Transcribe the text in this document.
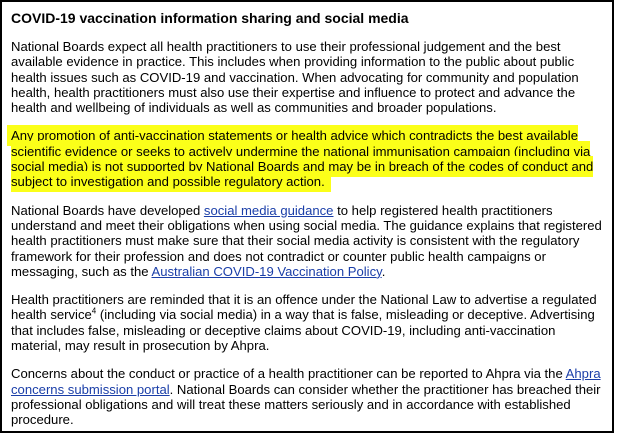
COVID-19 vaccination information sharing and social media

National Boards expect all health practitioners to use their professional judgement and the best available evidence in practice. This includes when providing information to the public about public health issues such as COVID-19 and vaccination. When advocating for community and population health, health practitioners must also use their expertise and influence to protect and advance the health and wellbeing of individuals as well as communities and broader populations.

Any promotion of anti-vaccination statements or health advice which contradicts the best available scientific evidence or seeks to actively undermine the national immunisation campaign (including via social media) is not supported by National Boards and may be in breach of the codes of conduct and subject to investigation and possible regulatory action.

National Boards have developed social media guidance to help registered health practitioners understand and meet their obligations when using social media. The guidance explains that registered health practitioners must make sure that their social media activity is consistent with the regulatory framework for their profession and does not contradict or counter public health campaigns or messaging, such as the Australian COVID-19 Vaccination Policy.

Health practitioners are reminded that it is an offence under the National Law to advertise a regulated health service$^4$ (including via social media) in a way that is false, misleading or deceptive. Advertising that includes false, misleading or deceptive claims about COVID-19, including anti-vaccination material, may result in prosecution by Ahpra.

Concerns about the conduct or practice of a health practitioner can be reported to Ahpra via the Ahpra concerns submission portal. National Boards can consider whether the practitioner has breached their professional obligations and will treat these matters seriously and in accordance with established procedure.
